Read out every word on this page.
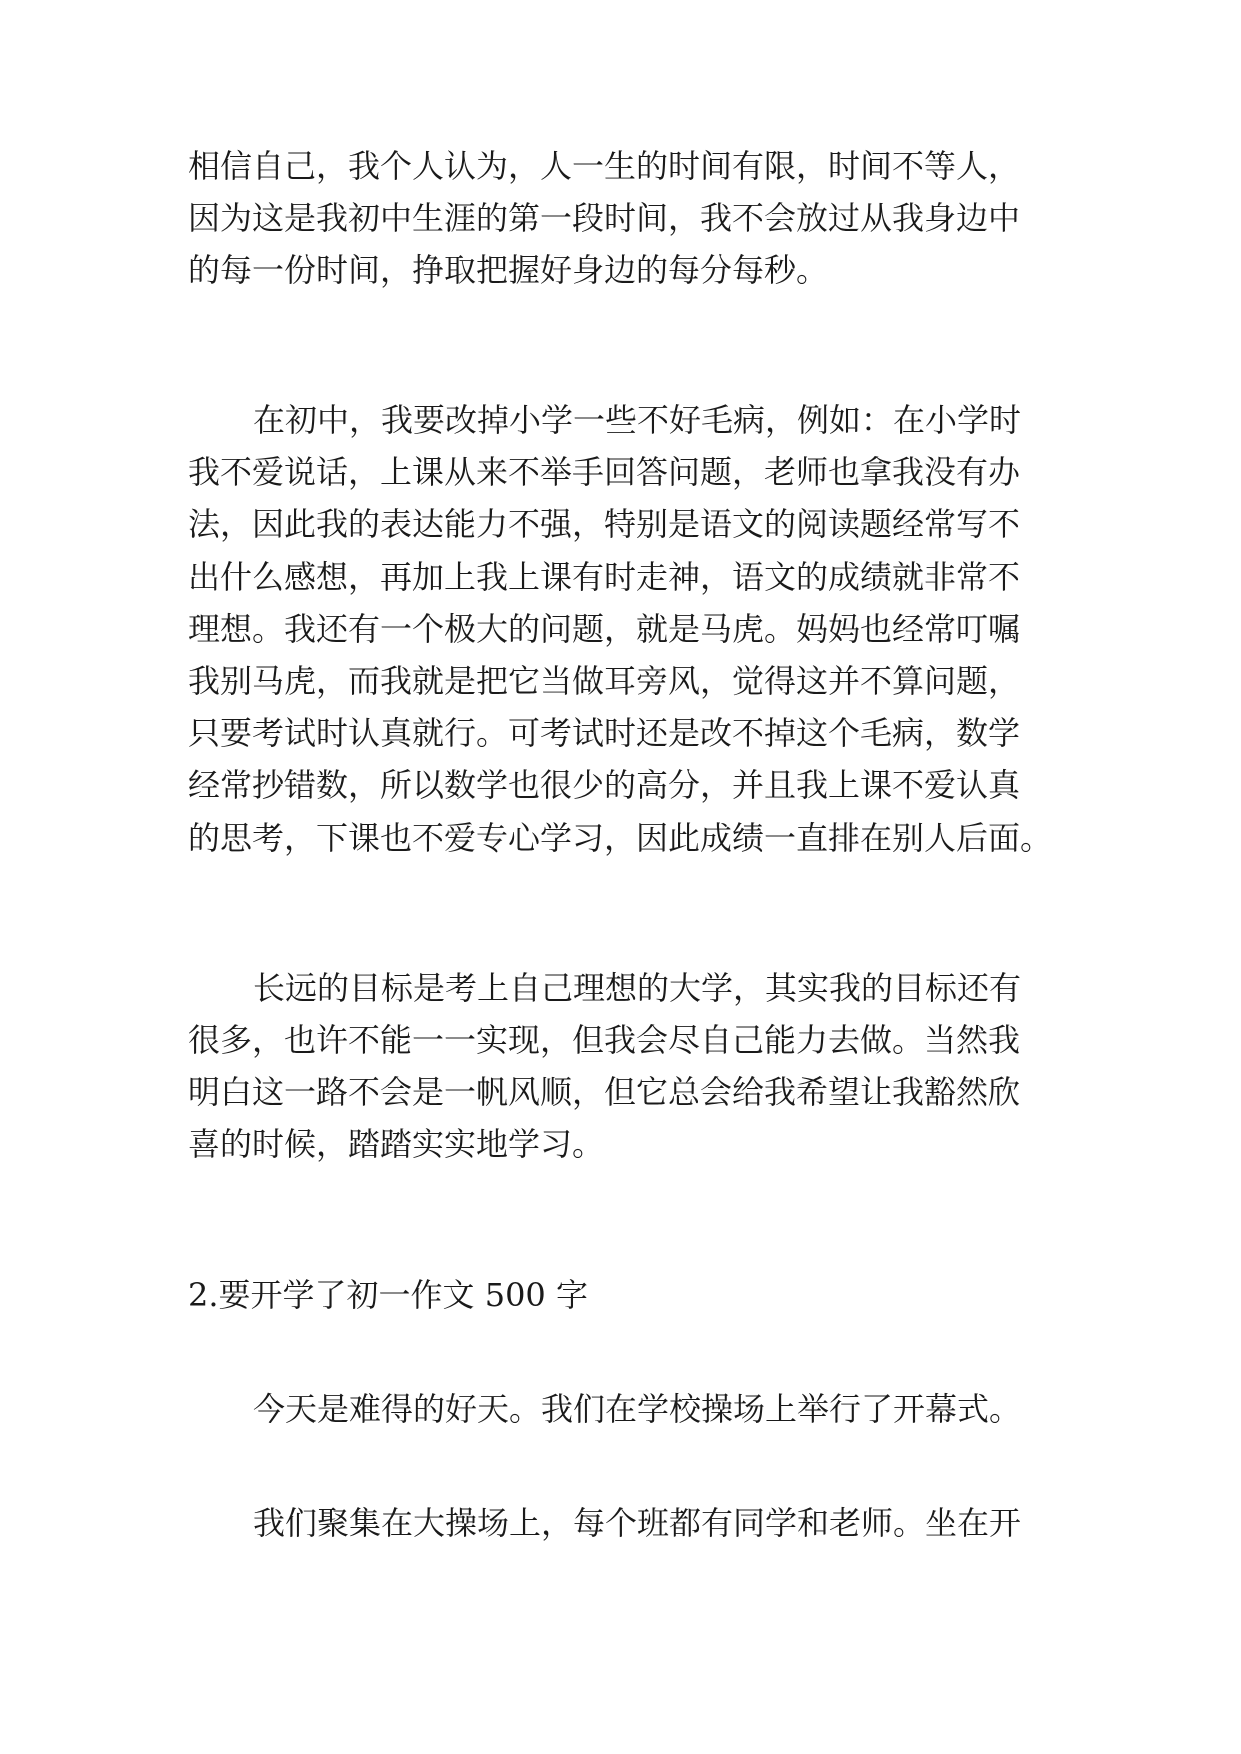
相信自己，我个人认为，人一生的时间有限，时间不等人，
因为这是我初中生涯的第一段时间，我不会放过从我身边中
的每一份时间，挣取把握好身边的每分每秒。
在初中，我要改掉小学一些不好毛病，例如：在小学时
我不爱说话，上课从来不举手回答问题，老师也拿我没有办
法，因此我的表达能力不强，特别是语文的阅读题经常写不
出什么感想，再加上我上课有时走神，语文的成绩就非常不
理想。我还有一个极大的问题，就是马虎。妈妈也经常叮嘱
我别马虎，而我就是把它当做耳旁风，觉得这并不算问题，
只要考试时认真就行。可考试时还是改不掉这个毛病，数学
经常抄错数，所以数学也很少的高分，并且我上课不爱认真
的思考，下课也不爱专心学习，因此成绩一直排在别人后面。
长远的目标是考上自己理想的大学，其实我的目标还有
很多，也许不能一一实现，但我会尽自己能力去做。当然我
明白这一路不会是一帆风顺，但它总会给我希望让我豁然欣
喜的时候，踏踏实实地学习。
2.要开学了初一作文 500 字
今天是难得的好天。我们在学校操场上举行了开幕式。
我们聚集在大操场上，每个班都有同学和老师。坐在开
